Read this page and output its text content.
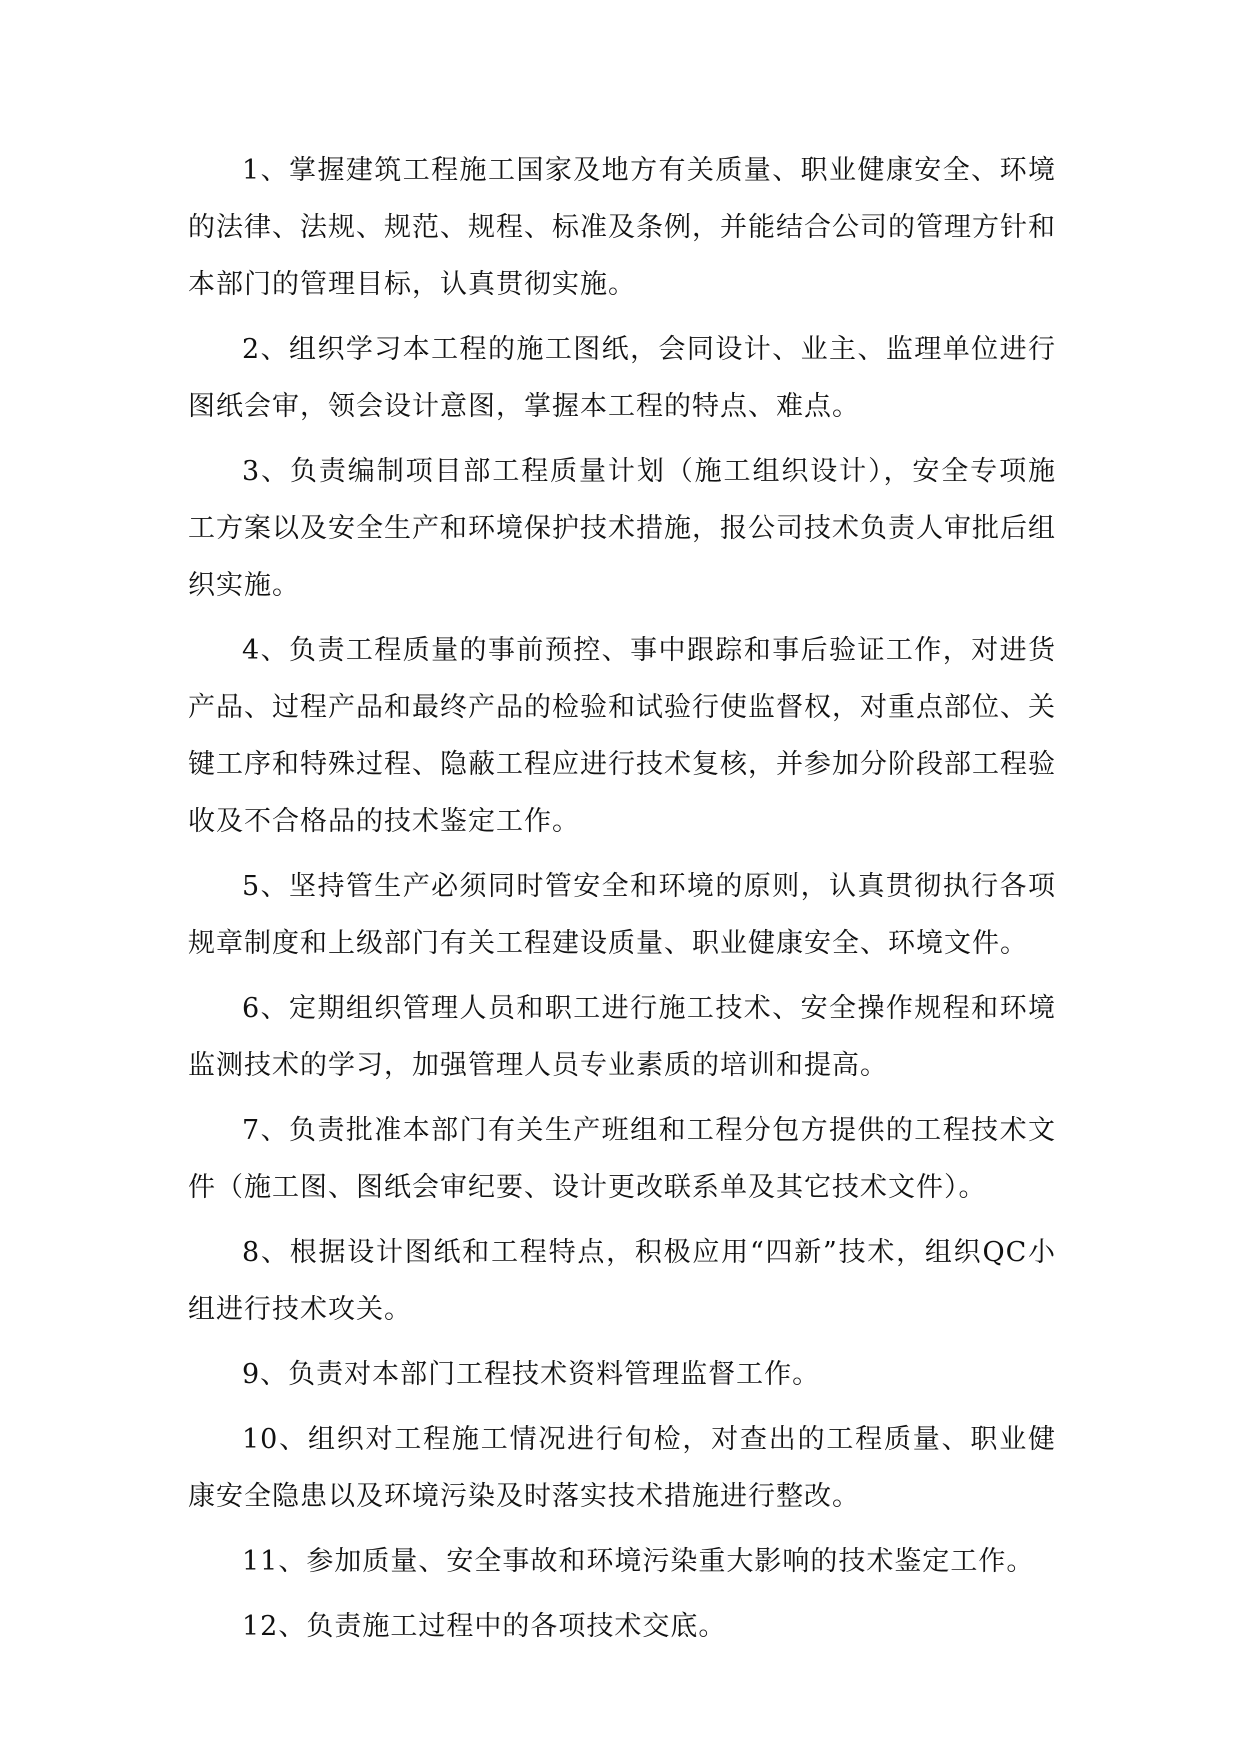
1、掌握建筑工程施工国家及地方有关质量、职业健康安全、环境的法律、法规、规范、规程、标准及条例，并能结合公司的管理方针和本部门的管理目标，认真贯彻实施。

2、组织学习本工程的施工图纸，会同设计、业主、监理单位进行图纸会审，领会设计意图，掌握本工程的特点、难点。

3、负责编制项目部工程质量计划（施工组织设计），安全专项施工方案以及安全生产和环境保护技术措施，报公司技术负责人审批后组织实施。

4、负责工程质量的事前预控、事中跟踪和事后验证工作，对进货产品、过程产品和最终产品的检验和试验行使监督权，对重点部位、关键工序和特殊过程、隐蔽工程应进行技术复核，并参加分阶段部工程验收及不合格品的技术鉴定工作。

5、坚持管生产必须同时管安全和环境的原则，认真贯彻执行各项规章制度和上级部门有关工程建设质量、职业健康安全、环境文件。

6、定期组织管理人员和职工进行施工技术、安全操作规程和环境监测技术的学习，加强管理人员专业素质的培训和提高。

7、负责批准本部门有关生产班组和工程分包方提供的工程技术文件（施工图、图纸会审纪要、设计更改联系单及其它技术文件）。

8、根据设计图纸和工程特点，积极应用“四新”技术，组织QC小组进行技术攻关。

9、负责对本部门工程技术资料管理监督工作。

10、组织对工程施工情况进行旬检，对查出的工程质量、职业健康安全隐患以及环境污染及时落实技术措施进行整改。

11、参加质量、安全事故和环境污染重大影响的技术鉴定工作。

12、负责施工过程中的各项技术交底。
